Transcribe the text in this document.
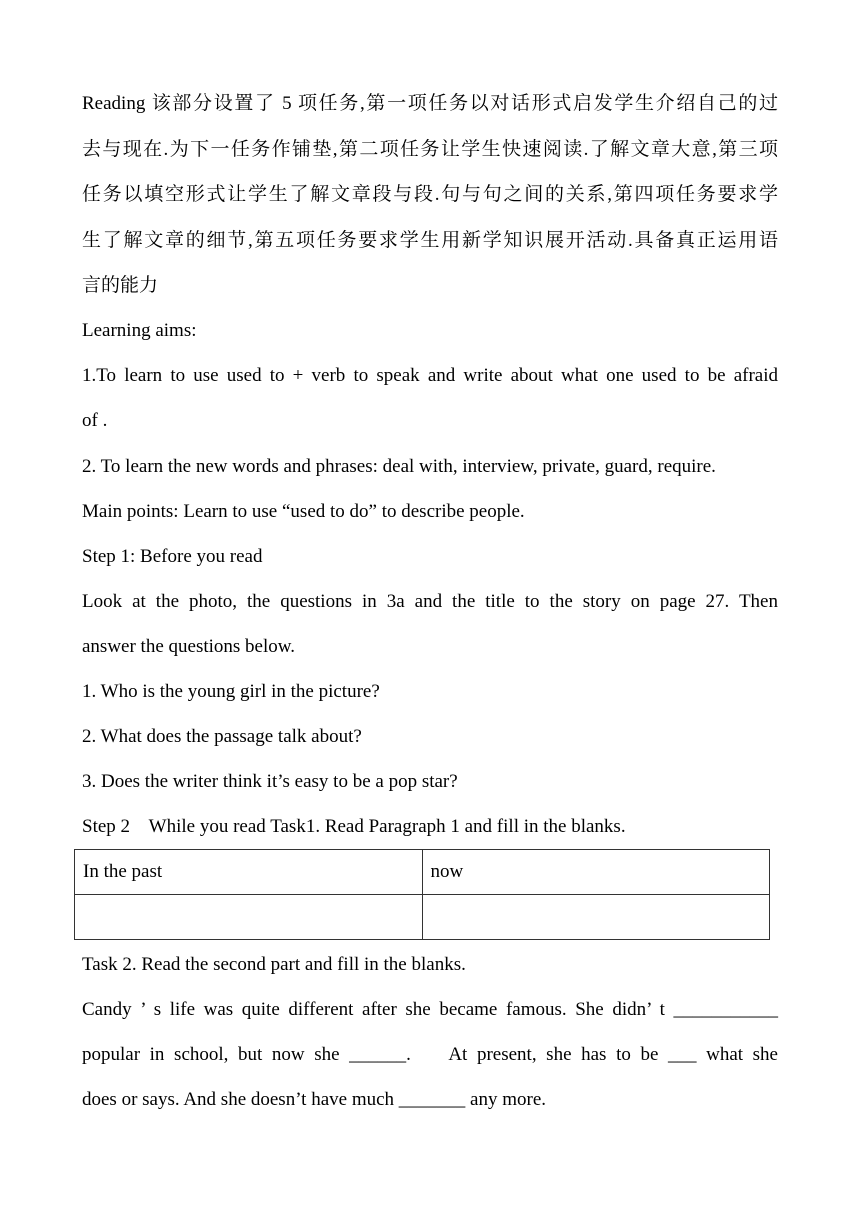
Reading 该部分设置了 5 项任务,第一项任务以对话形式启发学生介绍自己的过
去与现在.为下一任务作铺垫,第二项任务让学生快速阅读.了解文章大意,第三项
任务以填空形式让学生了解文章段与段.句与句之间的关系,第四项任务要求学
生了解文章的细节,第五项任务要求学生用新学知识展开活动.具备真正运用语
言的能力
Learning aims:
1.To learn to use used to + verb to speak and write about what one used to be afraid
of .
2. To learn the new words and phrases: deal with, interview, private, guard, require.
Main points: Learn to use “used to do” to describe people.
Step 1: Before you read
Look at the photo, the questions in 3a and the title to the story on page 27. Then
answer the questions below.
1. Who is the young girl in the picture?
2. What does the passage talk about?
3. Does the writer think it’s easy to be a pop star?
Step 2    While you read Task1. Read Paragraph 1 and fill in the blanks.
In the past	now

Task 2. Read the second part and fill in the blanks.
Candy ’ s life was quite different after she became famous. She didn’ t ___________
popular in school, but now she ______.    At present, she has to be ___ what she
does or says. And she doesn’t have much _______ any more.
